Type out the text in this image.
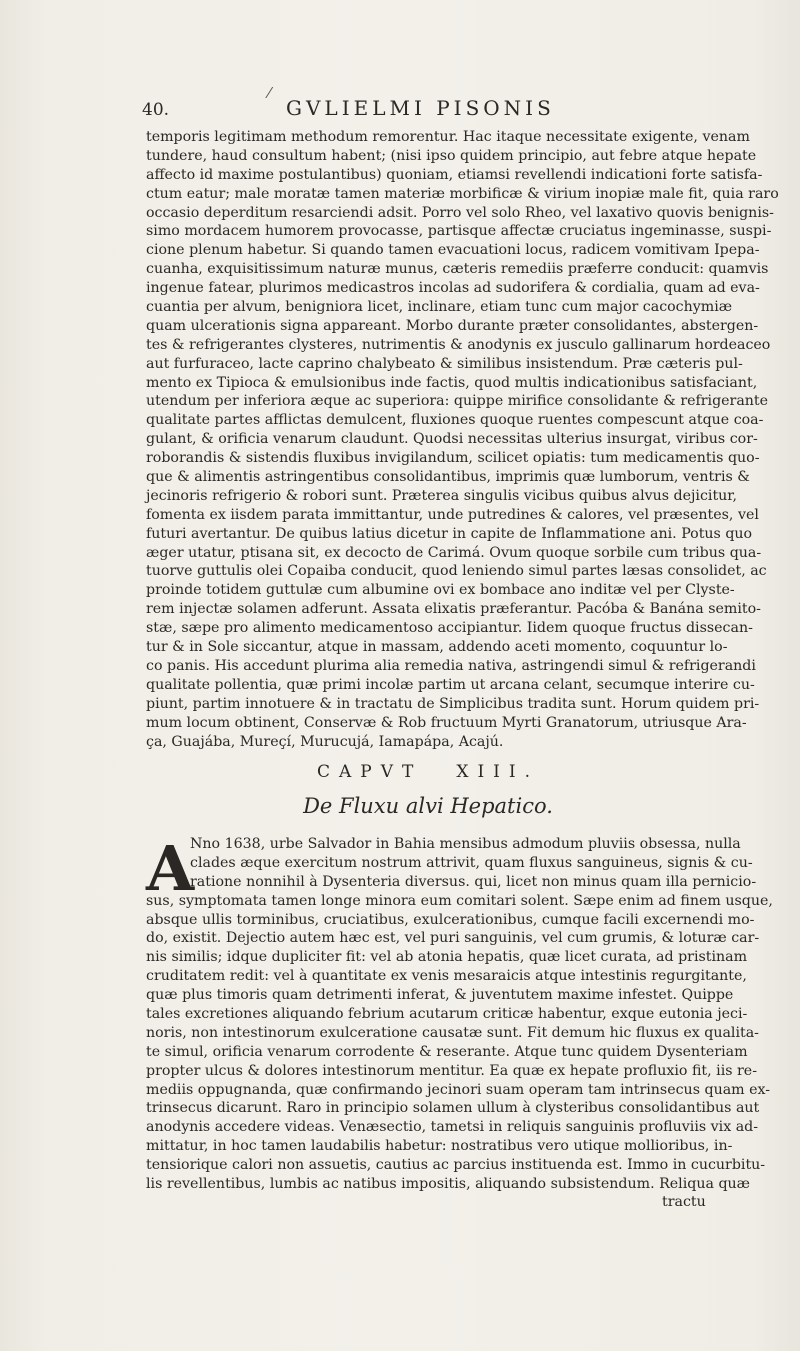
⁄
40.	GVLIELMI PISONIS
temporis legitimam methodum remorentur. Hac itaque necessitate exigente, venam
tundere, haud consultum habent; (nisi ipso quidem principio, aut febre atque hepate
affecto id maxime postulantibus) quoniam, etiamsi revellendi indicationi forte satisfa-
ctum eatur; male moratæ tamen materiæ morbificæ & virium inopiæ male fit, quia raro
occasio deperditum resarciendi adsit. Porro vel solo Rheo, vel laxativo quovis benignis-
simo mordacem humorem provocasse, partisque affectæ cruciatus ingeminasse, suspi-
cione plenum habetur. Si quando tamen evacuationi locus, radicem vomitivam Ipepa-
cuanha, exquisitissimum naturæ munus, cæteris remediis præferre conducit: quamvis
ingenue fatear, plurimos medicastros incolas ad sudorifera & cordialia, quam ad eva-
cuantia per alvum, benigniora licet, inclinare, etiam tunc cum major cacochymiæ
quam ulcerationis signa appareant. Morbo durante præter consolidantes, abstergen-
tes & refrigerantes clysteres, nutrimentis & anodynis ex jusculo gallinarum hordeaceo
aut furfuraceo, lacte caprino chalybeato & similibus insistendum. Præ cæteris pul-
mento ex Tipioca & emulsionibus inde factis, quod multis indicationibus satisfaciant,
utendum per inferiora æque ac superiora: quippe mirifice consolidante & refrigerante
qualitate partes afflictas demulcent, fluxiones quoque ruentes compescunt atque coa-
gulant, & orificia venarum claudunt. Quodsi necessitas ulterius insurgat, viribus cor-
roborandis & sistendis fluxibus invigilandum, scilicet opiatis: tum medicamentis quo-
que & alimentis astringentibus consolidantibus, imprimis quæ lumborum, ventris &
jecinoris refrigerio & robori sunt. Præterea singulis vicibus quibus alvus dejicitur,
fomenta ex iisdem parata immittantur, unde putredines & calores, vel præsentes, vel
futuri avertantur. De quibus latius dicetur in capite de Inflammatione ani. Potus quo
æger utatur, ptisana sit, ex decocto de Carimá. Ovum quoque sorbile cum tribus qua-
tuorve guttulis olei Copaiba conducit, quod leniendo simul partes læsas consolidet, ac
proinde totidem guttulæ cum albumine ovi ex bombace ano inditæ vel per Clyste-
rem injectæ solamen adferunt. Assata elixatis præferantur. Pacóba & Banána semito-
stæ, sæpe pro alimento medicamentoso accipiantur. Iidem quoque fructus dissecan-
tur & in Sole siccantur, atque in massam, addendo aceti momento, coquuntur lo-
co panis. His accedunt plurima alia remedia nativa, astringendi simul & refrigerandi
qualitate pollentia, quæ primi incolæ partim ut arcana celant, secumque interire cu-
piunt, partim innotuere & in tractatu de Simplicibus tradita sunt. Horum quidem pri-
mum locum obtinent, Conservæ & Rob fructuum Myrti Granatorum, utriusque Ara-
ça, Guajába, Mureçí, Murucujá, Iamapápa, Acajú.
CAPVT XIII.
De Fluxu alvi Hepatico.
A
Nno 1638, urbe Salvador in Bahia mensibus admodum pluviis obsessa, nulla
clades æque exercitum nostrum attrivit, quam fluxus sanguineus, signis & cu-
ratione nonnihil à Dysenteria diversus. qui, licet non minus quam illa pernicio-
sus, symptomata tamen longe minora eum comitari solent. Sæpe enim ad finem usque,
absque ullis torminibus, cruciatibus, exulcerationibus, cumque facili excernendi mo-
do, existit. Dejectio autem hæc est, vel puri sanguinis, vel cum grumis, & loturæ car-
nis similis; idque dupliciter fit: vel ab atonia hepatis, quæ licet curata, ad pristinam
cruditatem redit: vel à quantitate ex venis mesaraicis atque intestinis regurgitante,
quæ plus timoris quam detrimenti inferat, & juventutem maxime infestet. Quippe
tales excretiones aliquando febrium acutarum criticæ habentur, exque eutonia jeci-
noris, non intestinorum exulceratione causatæ sunt. Fit demum hic fluxus ex qualita-
te simul, orificia venarum corrodente & reserante. Atque tunc quidem Dysenteriam
propter ulcus & dolores intestinorum mentitur. Ea quæ ex hepate profluxio fit, iis re-
mediis oppugnanda, quæ confirmando jecinori suam operam tam intrinsecus quam ex-
trinsecus dicarunt. Raro in principio solamen ullum à clysteribus consolidantibus aut
anodynis accedere videas. Venæsectio, tametsi in reliquis sanguinis profluviis vix ad-
mittatur, in hoc tamen laudabilis habetur: nostratibus vero utique mollioribus, in-
tensiorique calori non assuetis, cautius ac parcius instituenda est. Immo in cucurbitu-
lis revellentibus, lumbis ac natibus impositis, aliquando subsistendum. Reliqua quæ
tractu
